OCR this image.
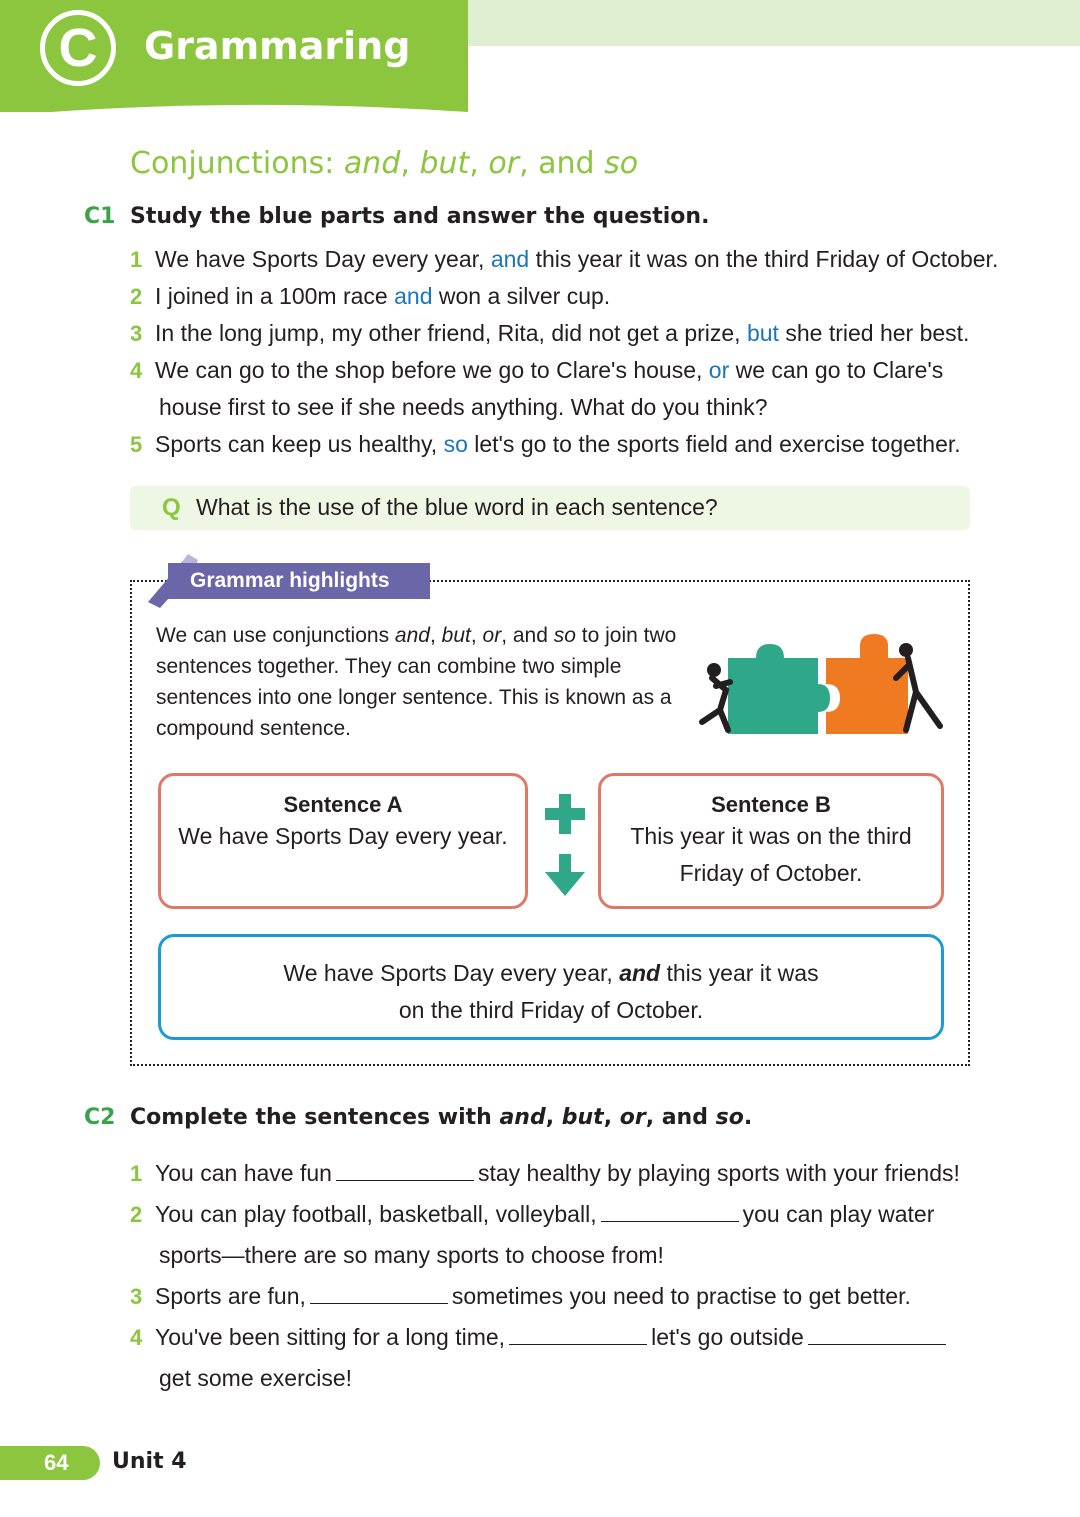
C	Grammaring
Conjunctions: and, but, or, and so
C1 Study the blue parts and answer the question.
1 We have Sports Day every year, and this year it was on the third Friday of October.
2 I joined in a 100m race and won a silver cup.
3 In the long jump, my other friend, Rita, did not get a prize, but she tried her best.
4 We can go to the shop before we go to Clare's house, or we can go to Clare's
house first to see if she needs anything. What do you think?
5 Sports can keep us healthy, so let's go to the sports field and exercise together.
Q What is the use of the blue word in each sentence?
Grammar highlights
We can use conjunctions and, but, or, and so to join two sentences together. They can combine two simple sentences into one longer sentence. This is known as a compound sentence.
Sentence A
We have Sports Day every year.
Sentence B
This year it was on the third
Friday of October.
We have Sports Day every year, and this year it was
on the third Friday of October.
C2 Complete the sentences with and, but, or, and so.
1 You can have fun	stay healthy by playing sports with your friends!
2 You can play football, basketball, volleyball,	you can play water
sports—there are so many sports to choose from!
3 Sports are fun,	sometimes you need to practise to get better.
4 You've been sitting for a long time,	let's go outside
get some exercise!
64	Unit 4
